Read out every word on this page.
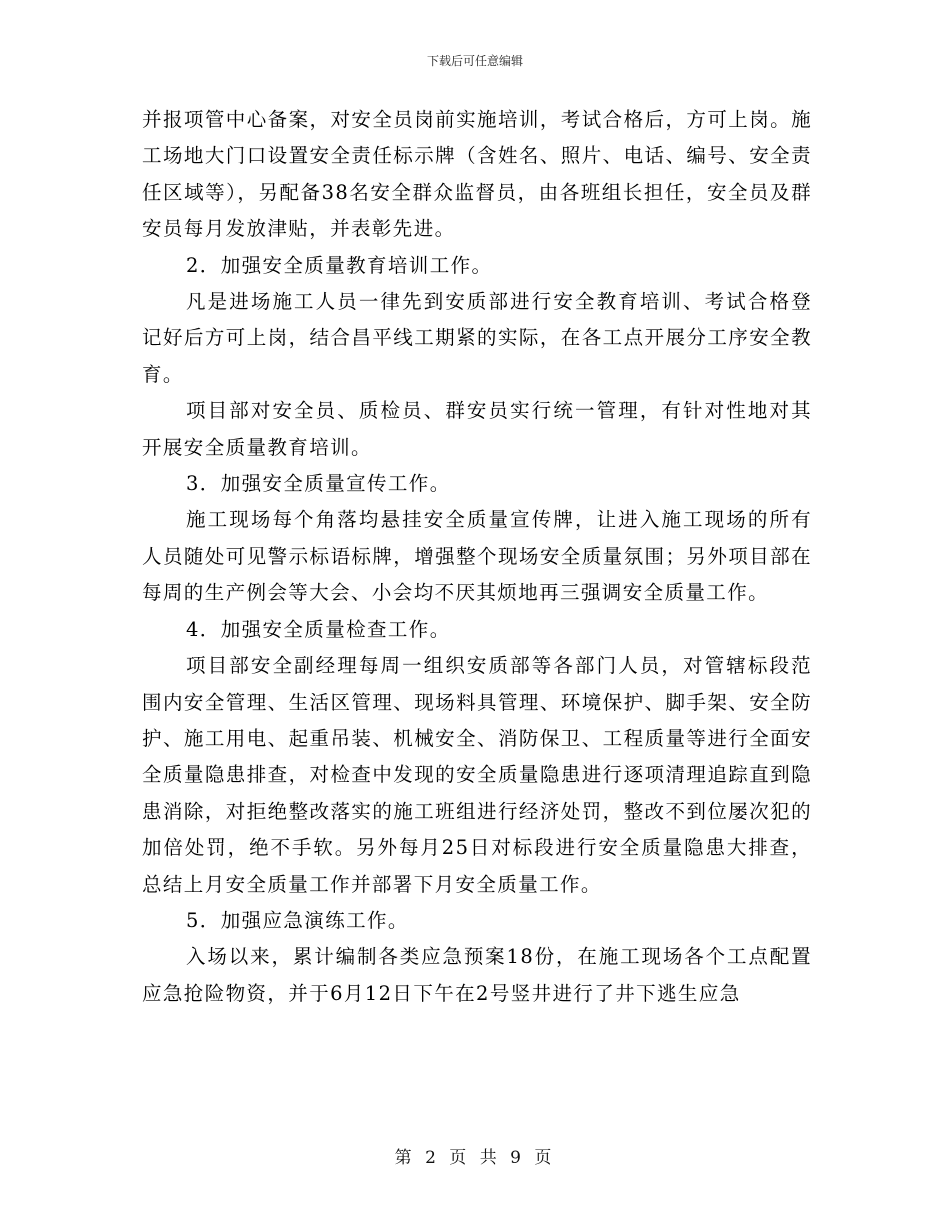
下载后可任意编辑

并报项管中心备案，对安全员岗前实施培训，考试合格后，方可上岗。施工场地大门口设置安全责任标示牌（含姓名、照片、电话、编号、安全责任区域等），另配备38名安全群众监督员，由各班组长担任，安全员及群安员每月发放津贴，并表彰先进。

2．加强安全质量教育培训工作。

凡是进场施工人员一律先到安质部进行安全教育培训、考试合格登记好后方可上岗，结合昌平线工期紧的实际，在各工点开展分工序安全教育。

项目部对安全员、质检员、群安员实行统一管理，有针对性地对其开展安全质量教育培训。

3．加强安全质量宣传工作。

施工现场每个角落均悬挂安全质量宣传牌，让进入施工现场的所有人员随处可见警示标语标牌，增强整个现场安全质量氛围；另外项目部在每周的生产例会等大会、小会均不厌其烦地再三强调安全质量工作。

4．加强安全质量检查工作。

项目部安全副经理每周一组织安质部等各部门人员，对管辖标段范围内安全管理、生活区管理、现场料具管理、环境保护、脚手架、安全防护、施工用电、起重吊装、机械安全、消防保卫、工程质量等进行全面安全质量隐患排查，对检查中发现的安全质量隐患进行逐项清理追踪直到隐患消除，对拒绝整改落实的施工班组进行经济处罚，整改不到位屡次犯的加倍处罚，绝不手软。另外每月25日对标段进行安全质量隐患大排查，总结上月安全质量工作并部署下月安全质量工作。

5．加强应急演练工作。

入场以来，累计编制各类应急预案18份，在施工现场各个工点配置应急抢险物资，并于6月12日下午在2号竖井进行了井下逃生应急

第 2 页 共 9 页
